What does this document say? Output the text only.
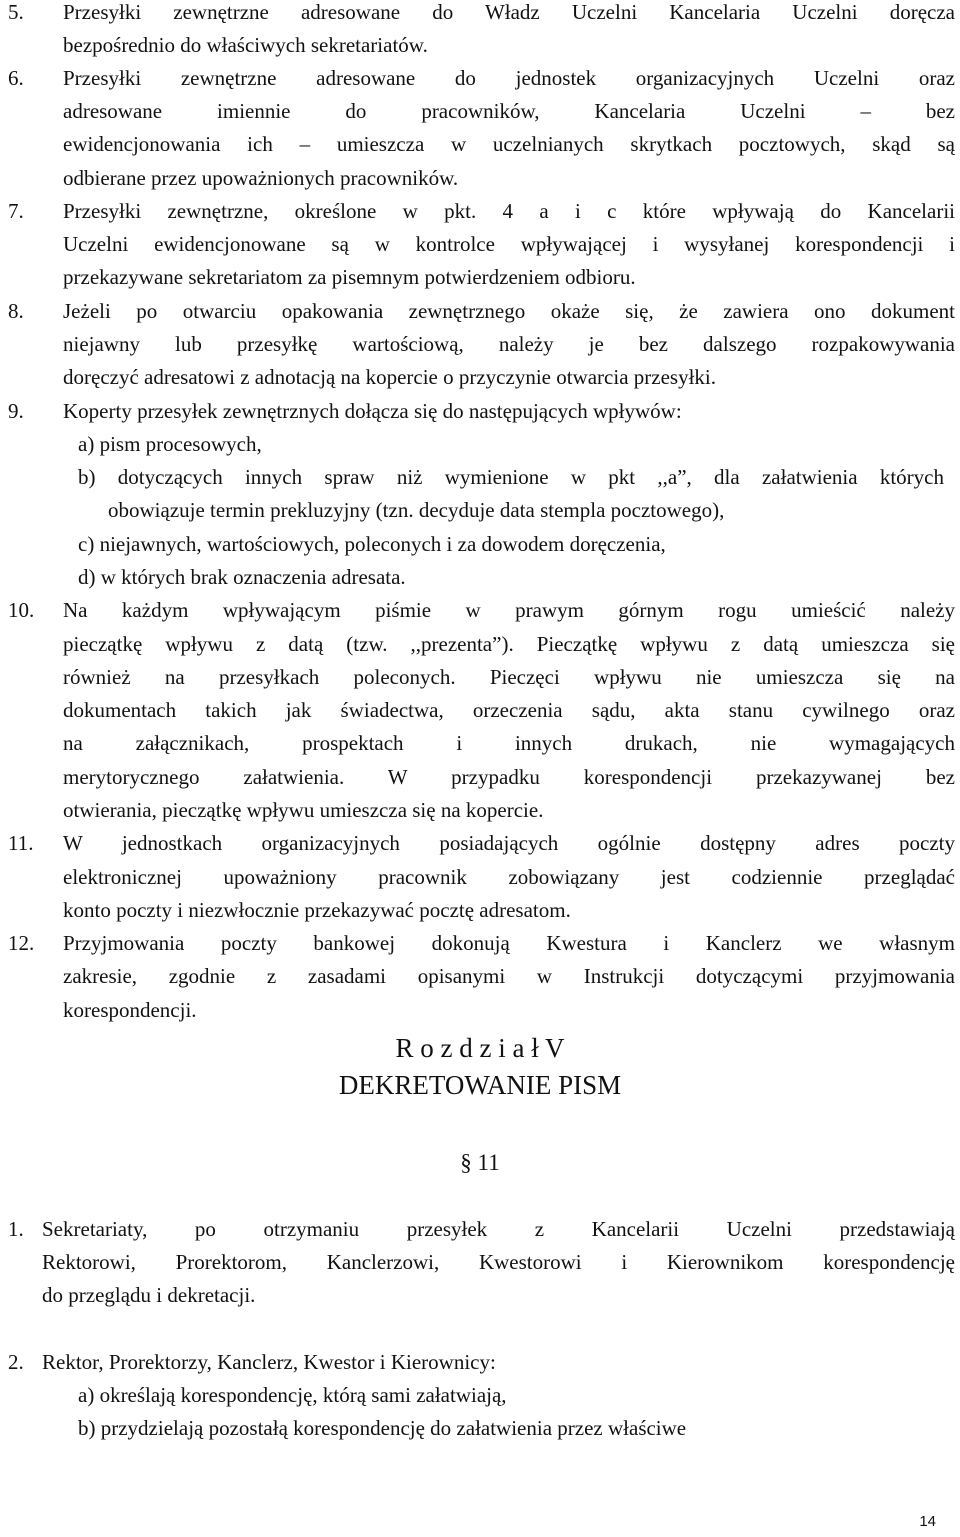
5. Przesyłki zewnętrzne adresowane do Władz Uczelni Kancelaria Uczelni doręcza

bezpośrednio do właściwych sekretariatów.

6. Przesyłki zewnętrzne adresowane do jednostek organizacyjnych Uczelni oraz

adresowane imiennie do pracowników, Kancelaria Uczelni – bez

ewidencjonowania ich – umieszcza w uczelnianych skrytkach pocztowych, skąd są

odbierane przez upoważnionych pracowników.

7. Przesyłki zewnętrzne, określone w pkt. 4 a i c które wpływają do Kancelarii

Uczelni ewidencjonowane są w kontrolce wpływającej i wysyłanej korespondencji i

przekazywane sekretariatom za pisemnym potwierdzeniem odbioru.

8. Jeżeli po otwarciu opakowania zewnętrznego okaże się, że zawiera ono dokument

niejawny lub przesyłkę wartościową, należy je bez dalszego rozpakowywania

doręczyć adresatowi z adnotacją na kopercie o przyczynie otwarcia przesyłki.

9. Koperty przesyłek zewnętrznych dołącza się do następujących wpływów:

a) pism procesowych,

b) dotyczących innych spraw niż wymienione w pkt ,,a”, dla załatwienia których

obowiązuje termin prekluzyjny (tzn. decyduje data stempla pocztowego),

c) niejawnych, wartościowych, poleconych i za dowodem doręczenia,

d) w których brak oznaczenia adresata.

10. Na każdym wpływającym piśmie w prawym górnym rogu umieścić należy

pieczątkę wpływu z datą (tzw. ,,prezenta”). Pieczątkę wpływu z datą umieszcza się

również na przesyłkach poleconych. Pieczęci wpływu nie umieszcza się na

dokumentach takich jak świadectwa, orzeczenia sądu, akta stanu cywilnego oraz

na załącznikach, prospektach i innych drukach, nie wymagających

merytorycznego załatwienia. W przypadku korespondencji przekazywanej bez

otwierania, pieczątkę wpływu umieszcza się na kopercie.

11. W jednostkach organizacyjnych posiadających ogólnie dostępny adres poczty

elektronicznej upoważniony pracownik zobowiązany jest codziennie przeglądać

konto poczty i niezwłocznie przekazywać pocztę adresatom.

12. Przyjmowania poczty bankowej dokonują Kwestura i Kanclerz we własnym

zakresie, zgodnie z zasadami opisanymi w Instrukcji dotyczącymi przyjmowania

korespondencji.

R o z d z i a ł V
DEKRETOWANIE PISM
§ 11
1. Sekretariaty, po otrzymaniu przesyłek z Kancelarii Uczelni przedstawiają

Rektorowi, Prorektorom, Kanclerzowi, Kwestorowi i Kierownikom korespondencję

do przeglądu i dekretacji.

2. Rektor, Prorektorzy, Kanclerz, Kwestor i Kierownicy:

a) określają korespondencję, którą sami załatwiają,

b) przydzielają pozostałą korespondencję do załatwienia przez właściwe

14
